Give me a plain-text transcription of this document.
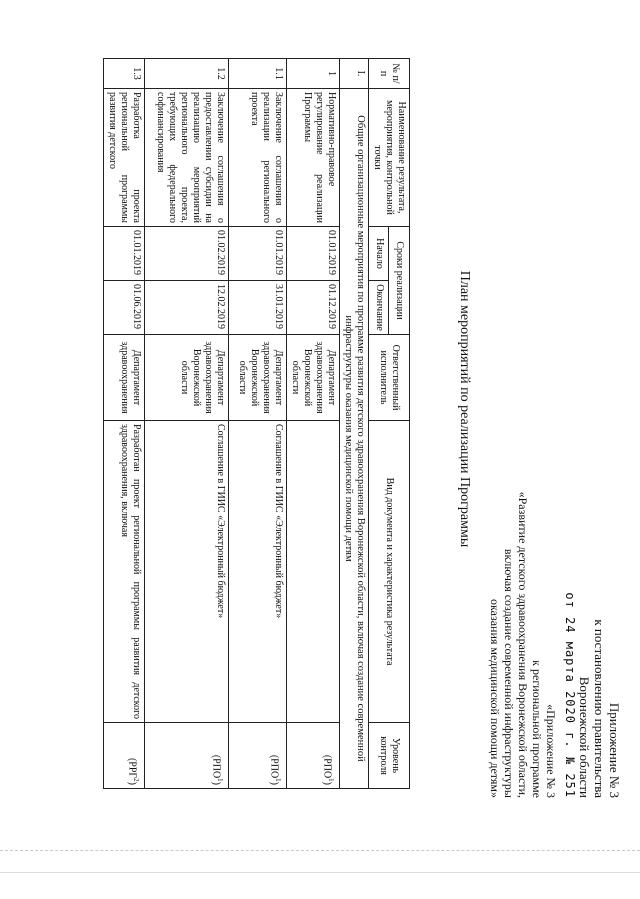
Приложение № 3
к постановлению правительства
Воронежской области
от 24 марта 2020 г. № 251
«Приложение № 3
к региональной программе
«Развитие детского здравоохранения Воронежской области,
включая создание современной инфраструктуры
оказания медицинской помощи детям»
План мероприятий по реализации Программы
№ п/п	Наименование результата, мероприятия, контрольной точки	Сроки реализации		Ответственный исполнитель	Вид документа и характеристика результата	Уровень контроля
		Начало	Окончание			
I.	Общие организационные мероприятия по программе развития детского здравоохранения Воронежской области, включая создание современной инфраструктуры оказания медицинской помощи детям					
1	Нормативно-правовое регулирование реализации Программы	01.01.2019	01.12.2019	Департамент здравоохранения Воронежской области		(РПО$^1$)
1.1	Заключение соглашения о реализации регионального проекта	01.01.2019	31.01.2019	Департамент здравоохранения Воронежской области	Соглашение в ГИИС «Электронный бюджет»	(РПО$^1$)
1.2	Заключение соглашения о предоставлении субсидии на реализацию мероприятий регионального проекта, требующих федерального софинансирования	01.02.2019	12.02.2019	Департамент здравоохранения Воронежской области	Соглашение в ГИИС «Электронный бюджет»	(РПО$^1$)
1.3	Разработка проекта региональной программы развития детского	01.01.2019	01.06.2019	Департамент здравоохранения	Разработан проект региональной программы развития детского здравоохранения, включая	(РРГ$^2$)
